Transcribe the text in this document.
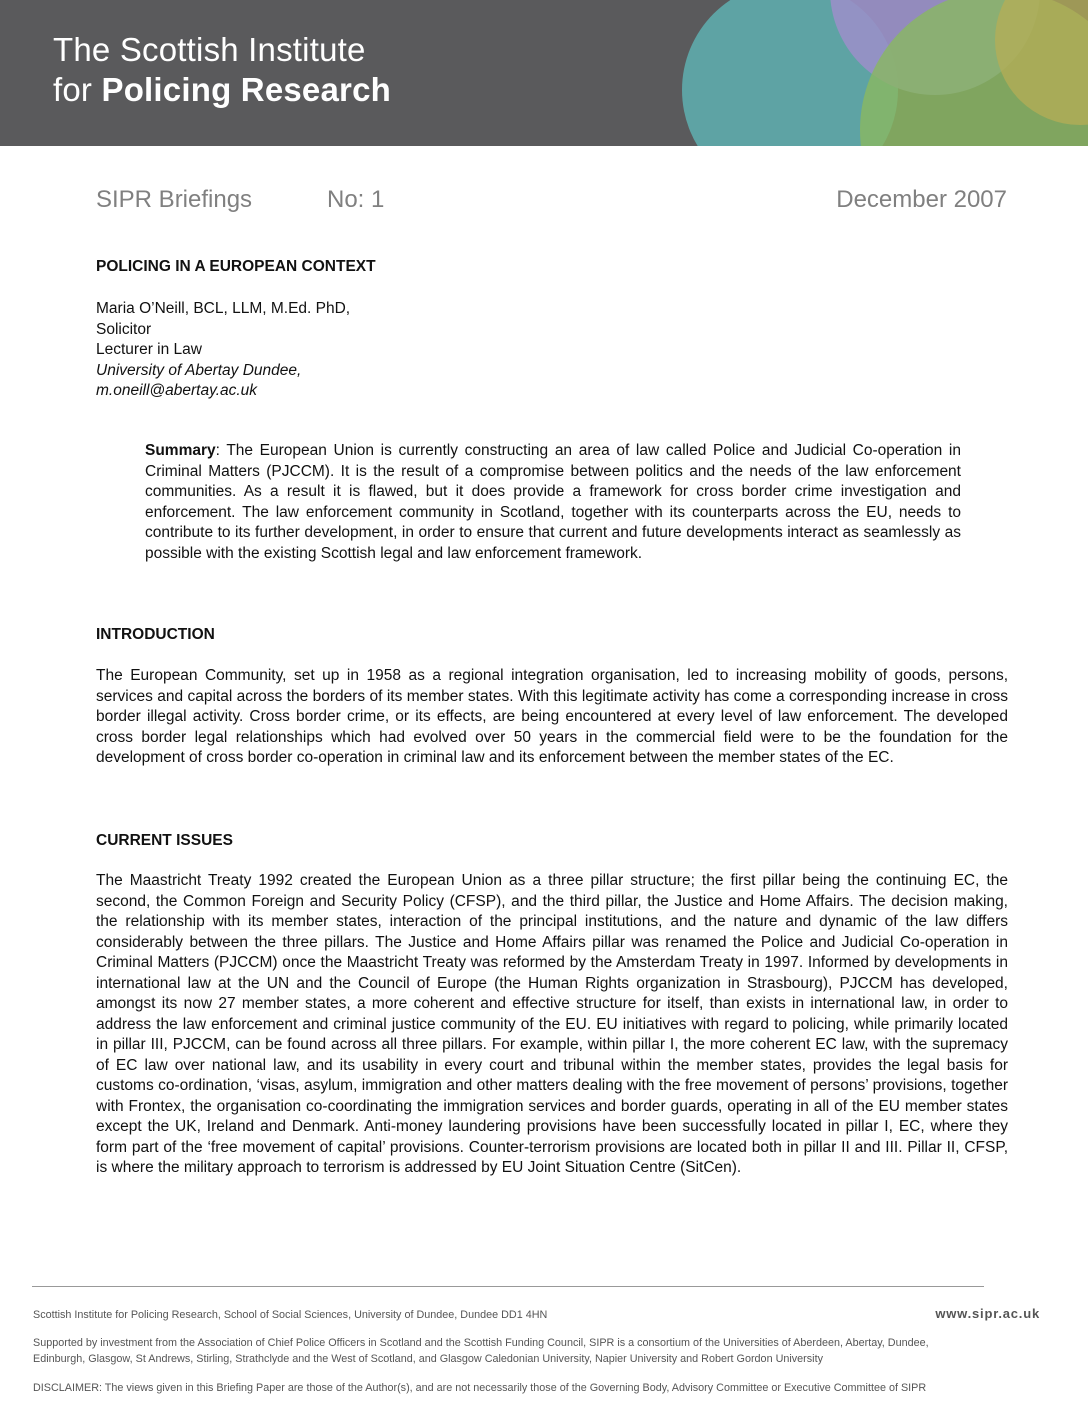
The Scottish Institute
for Policing Research
SIPR Briefings	No: 1	December 2007
POLICING IN A EUROPEAN CONTEXT
Maria O’Neill, BCL, LLM, M.Ed. PhD,
Solicitor
Lecturer in Law
University of Abertay Dundee,
m.oneill@abertay.ac.uk
Summary: The European Union is currently constructing an area of law called Police and Judicial Co-operation in Criminal Matters (PJCCM). It is the result of a compromise between politics and the needs of the law enforcement communities. As a result it is flawed, but it does provide a framework for cross border crime investigation and enforcement. The law enforcement community in Scotland, together with its counterparts across the EU, needs to contribute to its further development, in order to ensure that current and future developments interact as seamlessly as possible with the existing Scottish legal and law enforcement framework.
INTRODUCTION
The European Community, set up in 1958 as a regional integration organisation, led to increasing mobility of goods, persons, services and capital across the borders of its member states. With this legitimate activity has come a corresponding increase in cross border illegal activity. Cross border crime, or its effects, are being encountered at every level of law enforcement. The developed cross border legal relationships which had evolved over 50 years in the commercial field were to be the foundation for the development of cross border co-operation in criminal law and its enforcement between the member states of the EC.
CURRENT ISSUES
The Maastricht Treaty 1992 created the European Union as a three pillar structure; the first pillar being the continuing EC, the second, the Common Foreign and Security Policy (CFSP), and the third pillar, the Justice and Home Affairs. The decision making, the relationship with its member states, interaction of the principal institutions, and the nature and dynamic of the law differs considerably between the three pillars. The Justice and Home Affairs pillar was renamed the Police and Judicial Co-operation in Criminal Matters (PJCCM) once the Maastricht Treaty was reformed by the Amsterdam Treaty in 1997. Informed by developments in international law at the UN and the Council of Europe (the Human Rights organization in Strasbourg), PJCCM has developed, amongst its now 27 member states, a more coherent and effective structure for itself, than exists in international law, in order to address the law enforcement and criminal justice community of the EU. EU initiatives with regard to policing, while primarily located in pillar III, PJCCM, can be found across all three pillars. For example, within pillar I, the more coherent EC law, with the supremacy of EC law over national law, and its usability in every court and tribunal within the member states, provides the legal basis for customs co-ordination, ‘visas, asylum, immigration and other matters dealing with the free movement of persons’ provisions, together with Frontex, the organisation co-coordinating the immigration services and border guards, operating in all of the EU member states except the UK, Ireland and Denmark. Anti-money laundering provisions have been successfully located in pillar I, EC, where they form part of the ‘free movement of capital’ provisions. Counter-terrorism provisions are located both in pillar II and III. Pillar II, CFSP, is where the military approach to terrorism is addressed by EU Joint Situation Centre (SitCen).
Scottish Institute for Policing Research, School of Social Sciences, University of Dundee, Dundee DD1 4HN	www.sipr.ac.uk
Supported by investment from the Association of Chief Police Officers in Scotland and the Scottish Funding Council, SIPR is a consortium of the Universities of Aberdeen, Abertay, Dundee,
Edinburgh, Glasgow, St Andrews, Stirling, Strathclyde and the West of Scotland, and Glasgow Caledonian University, Napier University and Robert Gordon University
DISCLAIMER: The views given in this Briefing Paper are those of the Author(s), and are not necessarily those of the Governing Body, Advisory Committee or Executive Committee of SIPR
